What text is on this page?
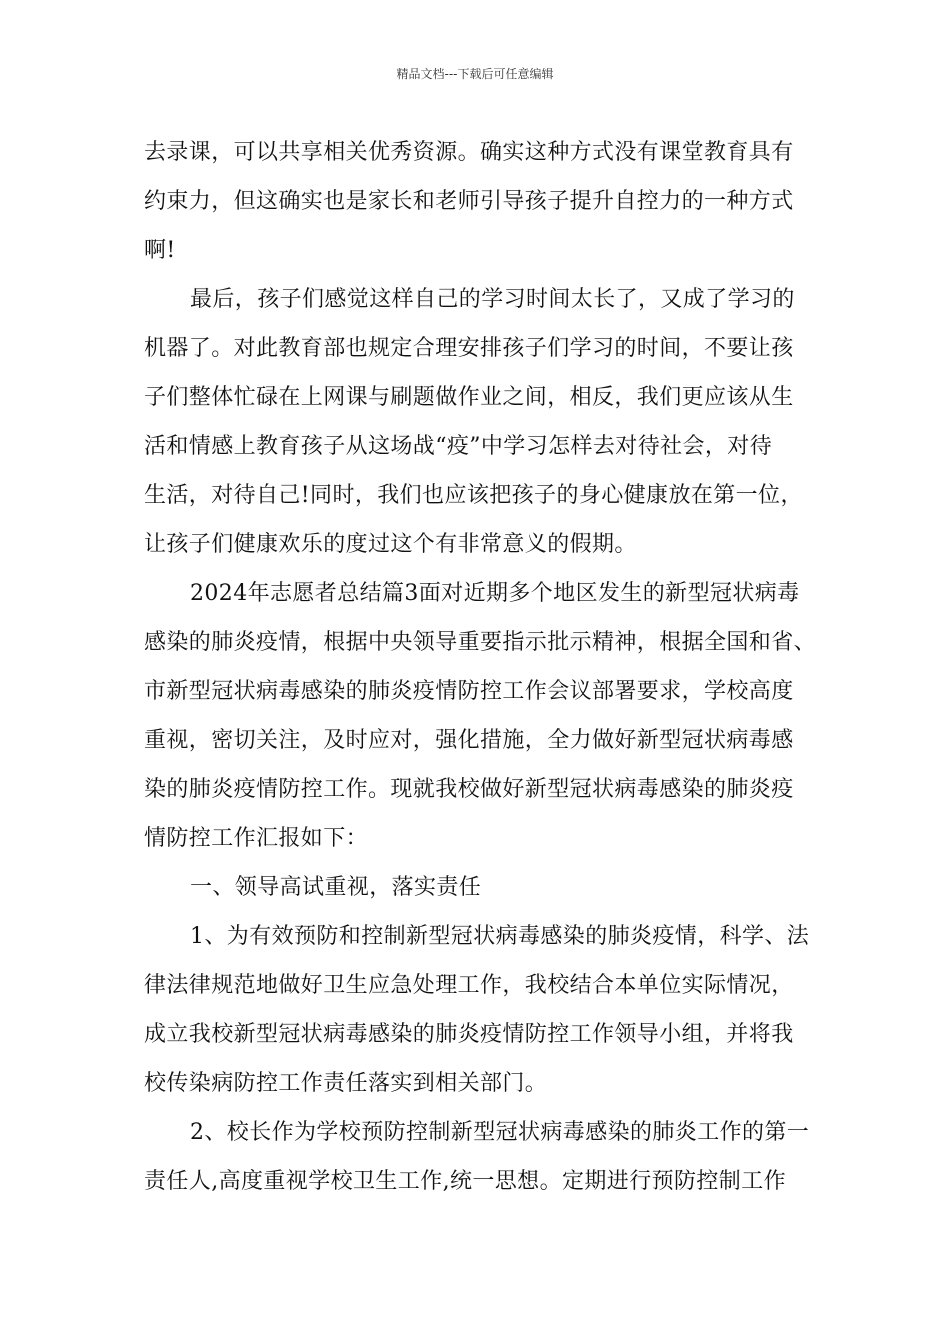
精品文档---下载后可任意编辑
去录课，可以共享相关优秀资源。确实这种方式没有课堂教育具有
约束力，但这确实也是家长和老师引导孩子提升自控力的一种方式
啊!
最后，孩子们感觉这样自己的学习时间太长了，又成了学习的
机器了。对此教育部也规定合理安排孩子们学习的时间，不要让孩
子们整体忙碌在上网课与刷题做作业之间，相反，我们更应该从生
活和情感上教育孩子从这场战“疫”中学习怎样去对待社会，对待
生活，对待自己!同时，我们也应该把孩子的身心健康放在第一位，
让孩子们健康欢乐的度过这个有非常意义的假期。
2024年志愿者总结篇3面对近期多个地区发生的新型冠状病毒
感染的肺炎疫情，根据中央领导重要指示批示精神，根据全国和省、
市新型冠状病毒感染的肺炎疫情防控工作会议部署要求，学校高度
重视，密切关注，及时应对，强化措施，全力做好新型冠状病毒感
染的肺炎疫情防控工作。现就我校做好新型冠状病毒感染的肺炎疫
情防控工作汇报如下：
一、领导高试重视，落实责任
1、为有效预防和控制新型冠状病毒感染的肺炎疫情，科学、法
律法律规范地做好卫生应急处理工作，我校结合本单位实际情况，
成立我校新型冠状病毒感染的肺炎疫情防控工作领导小组，并将我
校传染病防控工作责任落实到相关部门。
2、校长作为学校预防控制新型冠状病毒感染的肺炎工作的第一
责任人,高度重视学校卫生工作,统一思想。定期进行预防控制工作
